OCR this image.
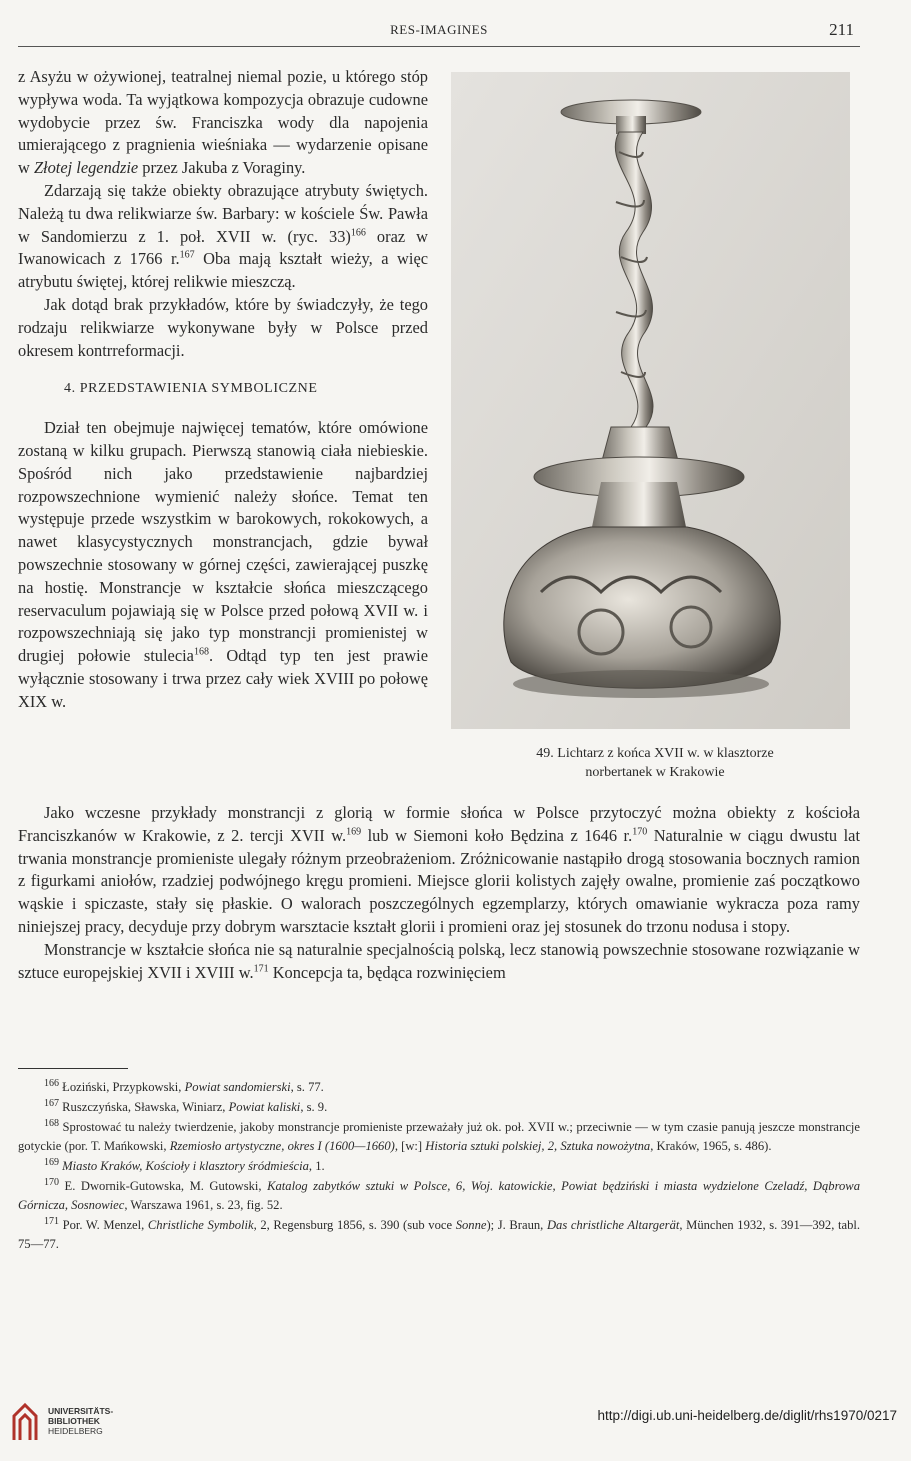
RES-IMAGINES	211

z Asyżu w ożywionej, teatralnej niemal pozie, u którego stóp wypływa woda. Ta wyjątkowa kompozycja obrazuje cudowne wydobycie przez św. Franciszka wody dla napojenia umierającego z pragnienia wieśniaka — wydarzenie opisane w Złotej legendzie przez Jakuba z Voraginy.

Zdarzają się także obiekty obrazujące atrybuty świętych. Należą tu dwa relikwiarze św. Barbary: w kościele Św. Pawła w Sandomierzu z 1. poł. XVII w. (ryc. 33)$^{166}$ oraz w Iwanowicach z 1766 r.$^{167}$ Oba mają kształt wieży, a więc atrybutu świętej, której relikwie mieszczą.

Jak dotąd brak przykładów, które by świadczyły, że tego rodzaju relikwiarze wykonywane były w Polsce przed okresem kontrreformacji.

4. PRZEDSTAWIENIA SYMBOLICZNE

Dział ten obejmuje najwięcej tematów, które omówione zostaną w kilku grupach. Pierwszą stanowią ciała niebieskie. Spośród nich jako przedstawienie najbardziej rozpowszechnione wymienić należy słońce. Temat ten występuje przede wszystkim w barokowych, rokokowych, a nawet klasycystycznych monstrancjach, gdzie bywał powszechnie stosowany w górnej części, zawierającej puszkę na hostię. Monstrancje w kształcie słońca mieszczącego reservaculum pojawiają się w Polsce przed połową XVII w. i rozpowszechniają się jako typ monstrancji promienistej w drugiej połowie stulecia$^{168}$. Odtąd typ ten jest prawie wyłącznie stosowany i trwa przez cały wiek XVIII po połowę XIX w.

49. Lichtarz z końca XVII w. w klasztorze
norbertanek w Krakowie

Jako wczesne przykłady monstrancji z glorią w formie słońca w Polsce przytoczyć można obiekty z kościoła Franciszkanów w Krakowie, z 2. tercji XVII w.$^{169}$ lub w Siemoni koło Będzina z 1646 r.$^{170}$ Naturalnie w ciągu dwustu lat trwania monstrancje promieniste ulegały różnym przeobrażeniom. Zróżnicowanie nastąpiło drogą stosowania bocznych ramion z figurkami aniołów, rzadziej podwójnego kręgu promieni. Miejsce glorii kolistych zajęły owalne, promienie zaś początkowo wąskie i spiczaste, stały się płaskie. O walorach poszczególnych egzemplarzy, których omawianie wykracza poza ramy niniejszej pracy, decyduje przy dobrym warsztacie kształt glorii i promieni oraz jej stosunek do trzonu nodusa i stopy.

Monstrancje w kształcie słońca nie są naturalnie specjalnością polską, lecz stanowią powszechnie stosowane rozwiązanie w sztuce europejskiej XVII i XVIII w.$^{171}$ Koncepcja ta, będąca rozwinięciem

$^{166}$ Łoziński, Przypkowski, Powiat sandomierski, s. 77.

$^{167}$ Ruszczyńska, Sławska, Winiarz, Powiat kaliski, s. 9.

$^{168}$ Sprostować tu należy twierdzenie, jakoby monstrancje promieniste przeważały już ok. poł. XVII w.; przeciwnie — w tym czasie panują jeszcze monstrancje gotyckie (por. T. Mańkowski, Rzemiosło artystyczne, okres I (1600—1660), [w:] Historia sztuki polskiej, 2, Sztuka nowożytna, Kraków, 1965, s. 486).

$^{169}$ Miasto Kraków, Kościoły i klasztory śródmieścia, 1.

$^{170}$ E. Dwornik-Gutowska, M. Gutowski, Katalog zabytków sztuki w Polsce, 6, Woj. katowickie, Powiat będziński i miasta wydzielone Czeladź, Dąbrowa Górnicza, Sosnowiec, Warszawa 1961, s. 23, fig. 52.

$^{171}$ Por. W. Menzel, Christliche Symbolik, 2, Regensburg 1856, s. 390 (sub voce Sonne); J. Braun, Das christliche Altargerät, München 1932, s. 391—392, tabl. 75—77.

UNIVERSITÄTS-
BIBLIOTHEK
HEIDELBERG
http://digi.ub.uni-heidelberg.de/diglit/rhs1970/0217
